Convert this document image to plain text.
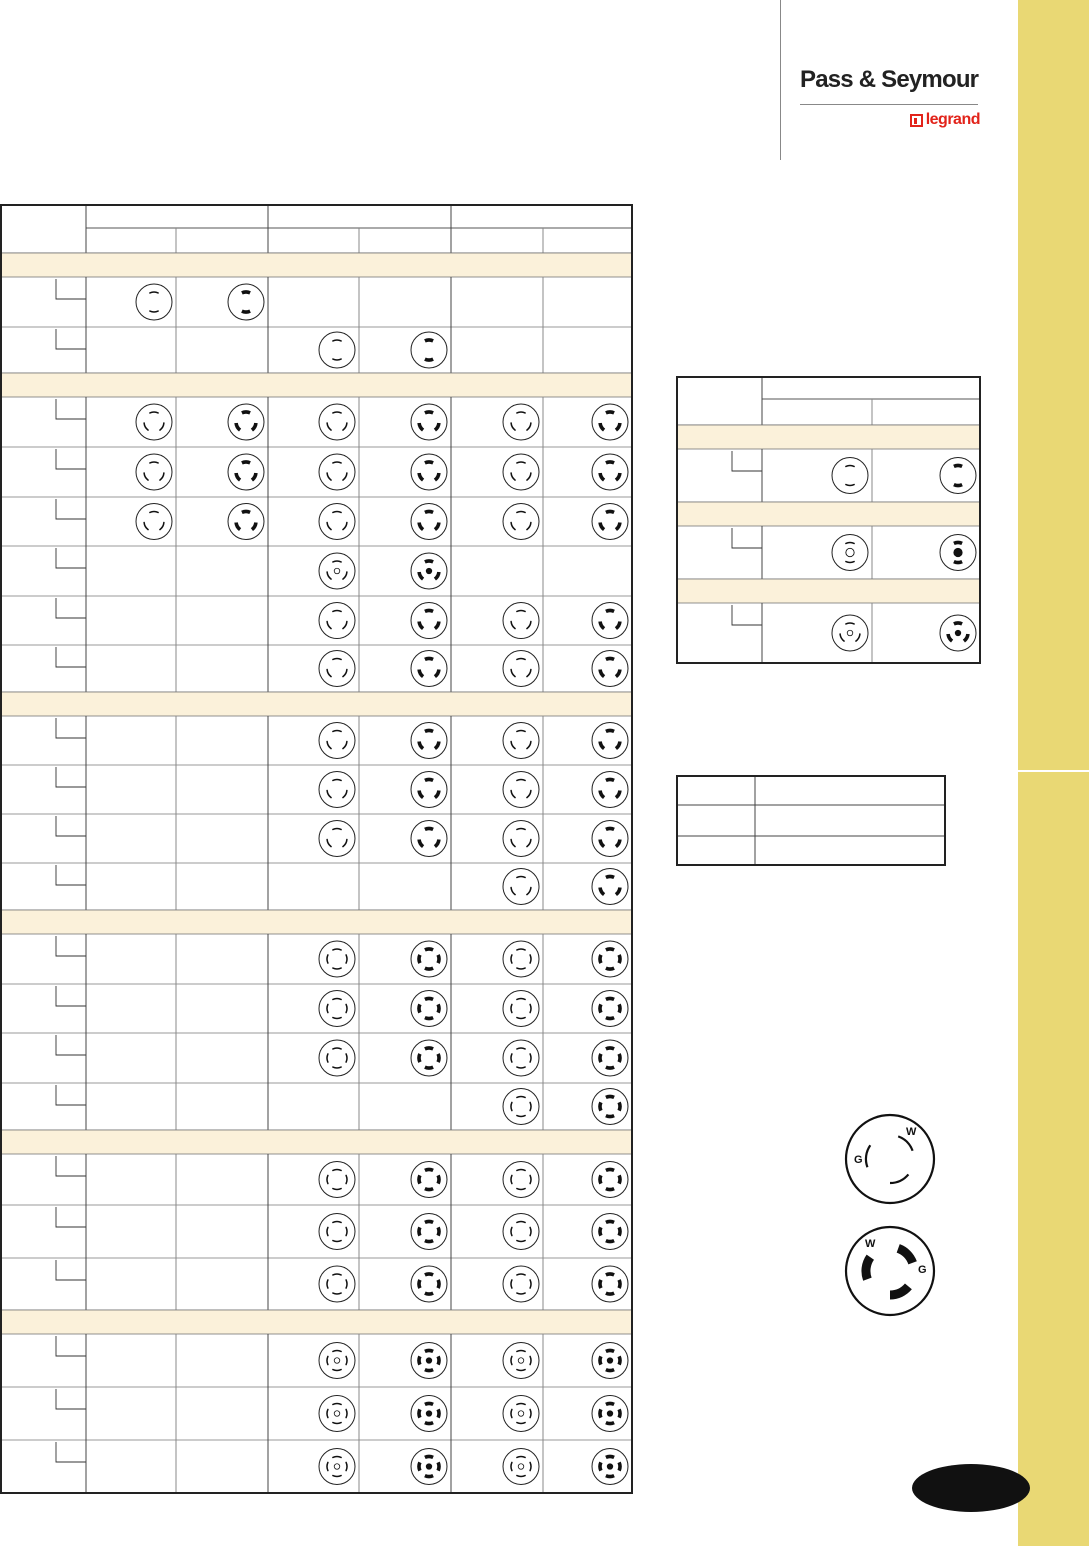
Pass & Seymour
legrand
G
W
G
W
